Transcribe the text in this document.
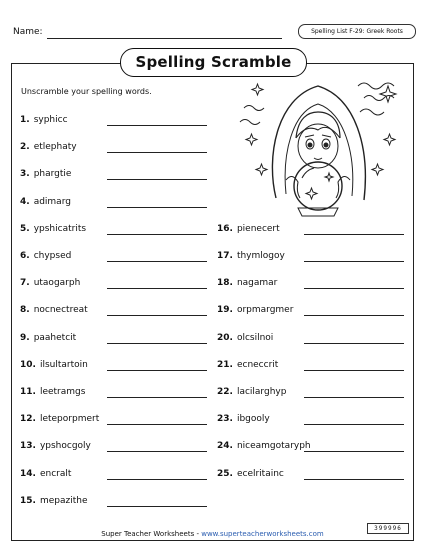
Name:	Spelling List F-29: Greek Roots
Spelling Scramble
Unscramble your spelling words.
1. syphicc
2. etlephaty
3. phargtie
4. adimarg
5. ypshicatrits
6. chypsed
7. utaogarph
8. nocnectreat
9. paahetcit
10. ilsultartoin
11. leetramgs
12. leteporpmert
13. ypshocgoly
14. encralt
15. mepazithe
16. pienecert
17. thymlogoy
18. nagamar
19. orpmargmer
20. olcsilnoi
21. ecneccrit
22. lacilarghyp
23. ibgooly
24. niceamgotaryph
25. ecelritainc
Super Teacher Worksheets - www.superteacherworksheets.com
399996
